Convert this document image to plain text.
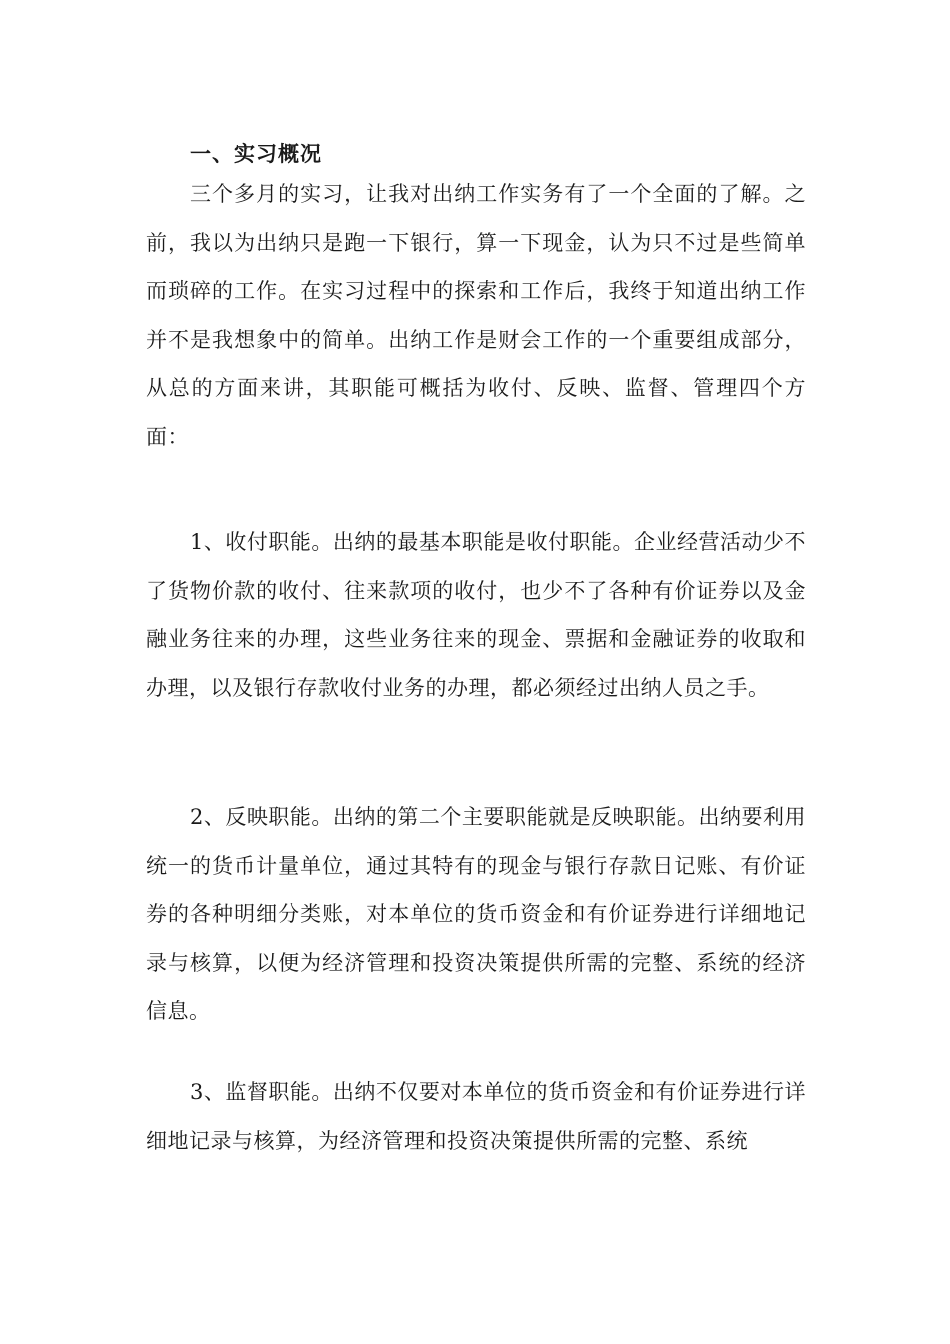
一、实习概况

三个多月的实习，让我对出纳工作实务有了一个全面的了解。之前，我以为出纳只是跑一下银行，算一下现金，认为只不过是些简单而琐碎的工作。在实习过程中的探索和工作后，我终于知道出纳工作并不是我想象中的简单。出纳工作是财会工作的一个重要组成部分，从总的方面来讲，其职能可概括为收付、反映、监督、管理四个方面：

1、收付职能。出纳的最基本职能是收付职能。企业经营活动少不了货物价款的收付、往来款项的收付，也少不了各种有价证券以及金融业务往来的办理，这些业务往来的现金、票据和金融证券的收取和办理，以及银行存款收付业务的办理，都必须经过出纳人员之手。

2、反映职能。出纳的第二个主要职能就是反映职能。出纳要利用统一的货币计量单位，通过其特有的现金与银行存款日记账、有价证券的各种明细分类账，对本单位的货币资金和有价证券进行详细地记录与核算，以便为经济管理和投资决策提供所需的完整、系统的经济信息。

3、监督职能。出纳不仅要对本单位的货币资金和有价证券进行详细地记录与核算，为经济管理和投资决策提供所需的完整、系统
